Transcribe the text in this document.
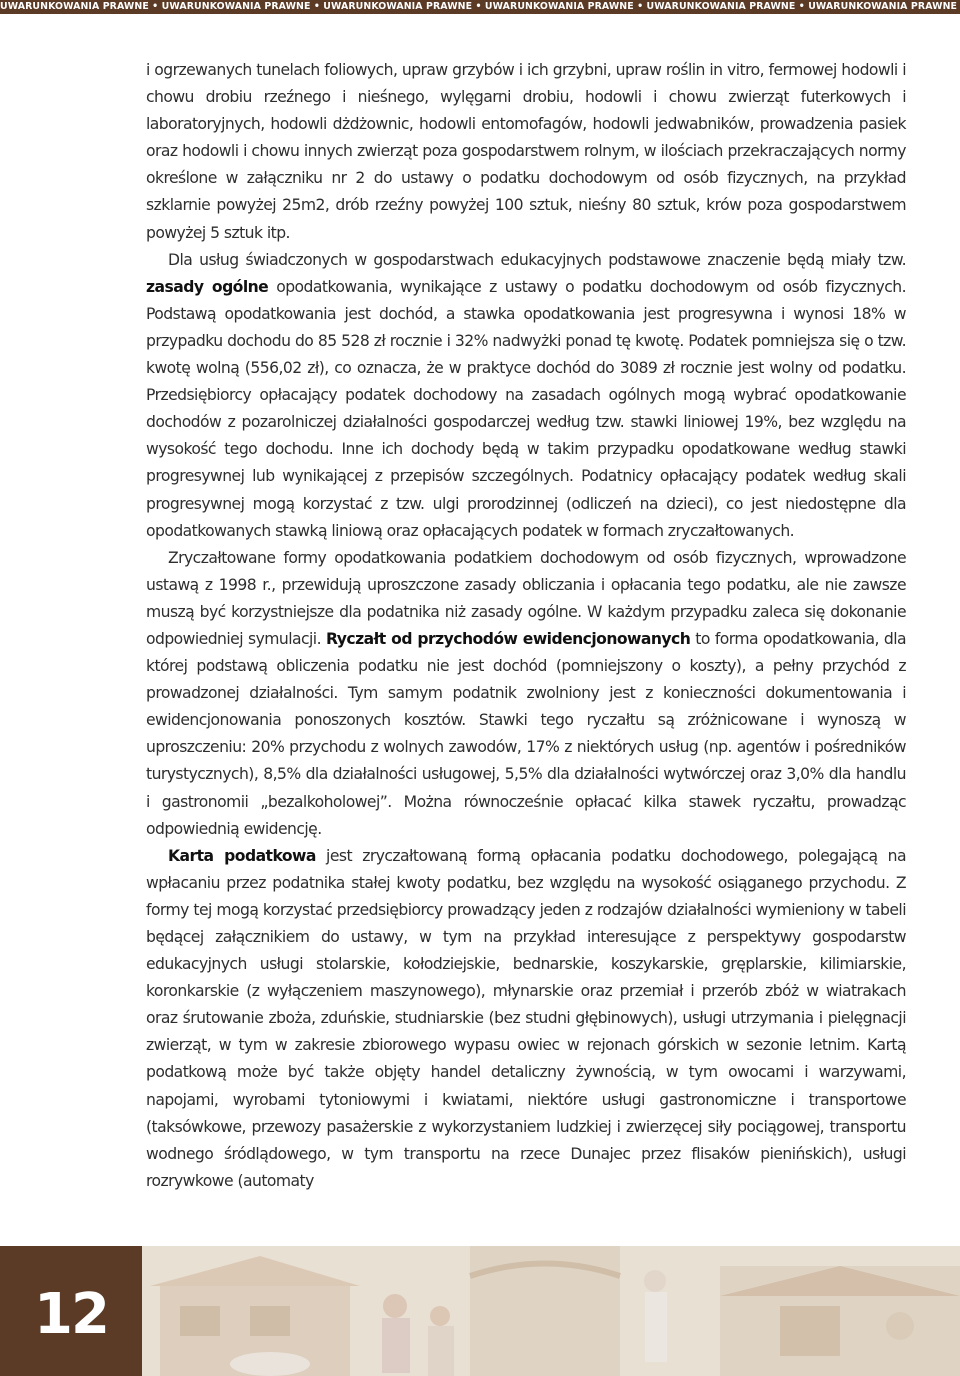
UWARUNKOWANIA PRAWNE • UWARUNKOWANIA PRAWNE • UWARUNKOWANIA PRAWNE • UWARUNKOWANIA PRAWNE • UWARUNKOWANIA PRAWNE • UWARUNKOWANIA PRAWNE

i ogrzewanych tunelach foliowych, upraw grzybów i ich grzybni, upraw roślin in vitro, fermowej hodowli i chowu drobiu rzeźnego i nieśnego, wylęgarni drobiu, hodowli i chowu zwierząt futerkowych i laboratoryjnych, hodowli dżdżownic, hodowli entomofagów, hodowli jedwabników, prowadzenia pasiek oraz hodowli i chowu innych zwierząt poza gospodarstwem rolnym, w ilościach przekraczających normy określone w załączniku nr 2 do ustawy o podatku dochodowym od osób fizycznych, na przykład szklarnie powyżej 25m2, drób rzeźny powyżej 100 sztuk, nieśny 80 sztuk, krów poza gospodarstwem powyżej 5 sztuk itp.

Dla usług świadczonych w gospodarstwach edukacyjnych podstawowe znaczenie będą miały tzw. zasady ogólne opodatkowania, wynikające z ustawy o podatku dochodowym od osób fizycznych. Podstawą opodatkowania jest dochód, a stawka opodatkowania jest progresywna i wynosi 18% w przypadku dochodu do 85 528 zł rocznie i 32% nadwyżki ponad tę kwotę. Podatek pomniejsza się o tzw. kwotę wolną (556,02 zł), co oznacza, że w praktyce dochód do 3089 zł rocznie jest wolny od podatku. Przedsiębiorcy opłacający podatek dochodowy na zasadach ogólnych mogą wybrać opodatkowanie dochodów z pozarolniczej działalności gospodarczej według tzw. stawki liniowej 19%, bez względu na wysokość tego dochodu. Inne ich dochody będą w takim przypadku opodatkowane według stawki progresywnej lub wynikającej z przepisów szczególnych. Podatnicy opłacający podatek według skali progresywnej mogą korzystać z tzw. ulgi prorodzinnej (odliczeń na dzieci), co jest niedostępne dla opodatkowanych stawką liniową oraz opłacających podatek w formach zryczałtowanych.

Zryczałtowane formy opodatkowania podatkiem dochodowym od osób fizycznych, wprowadzone ustawą z 1998 r., przewidują uproszczone zasady obliczania i opłacania tego podatku, ale nie zawsze muszą być korzystniejsze dla podatnika niż zasady ogólne. W każdym przypadku zaleca się dokonanie odpowiedniej symulacji. Ryczałt od przychodów ewidencjonowanych to forma opodatkowania, dla której podstawą obliczenia podatku nie jest dochód (pomniejszony o koszty), a pełny przychód z prowadzonej działalności. Tym samym podatnik zwolniony jest z konieczności dokumentowania i ewidencjonowania ponoszonych kosztów. Stawki tego ryczałtu są zróżnicowane i wynoszą w uproszczeniu: 20% przychodu z wolnych zawodów, 17% z niektórych usług (np. agentów i pośredników turystycznych), 8,5% dla działalności usługowej, 5,5% dla działalności wytwórczej oraz 3,0% dla handlu i gastronomii „bezalkoholowej”. Można równocześnie opłacać kilka stawek ryczałtu, prowadząc odpowiednią ewidencję.

Karta podatkowa jest zryczałtowaną formą opłacania podatku dochodowego, polegającą na wpłacaniu przez podatnika stałej kwoty podatku, bez względu na wysokość osiąganego przychodu. Z formy tej mogą korzystać przedsiębiorcy prowadzący jeden z rodzajów działalności wymieniony w tabeli będącej załącznikiem do ustawy, w tym na przykład interesujące z perspektywy gospodarstw edukacyjnych usługi stolarskie, kołodziejskie, bednarskie, koszykarskie, gręplarskie, kilimiarskie, koronkarskie (z wyłączeniem maszynowego), młynarskie oraz przemiał i przerób zbóż w wiatrakach oraz śrutowanie zboża, zduńskie, studniarskie (bez studni głębinowych), usługi utrzymania i pielęgnacji zwierząt, w tym w zakresie zbiorowego wypasu owiec w rejonach górskich w sezonie letnim. Kartą podatkową może być także objęty handel detaliczny żywnością, w tym owocami i warzywami, napojami, wyrobami tytoniowymi i kwiatami, niektóre usługi gastronomiczne i transportowe (taksówkowe, przewozy pasażerskie z wykorzystaniem ludzkiej i zwierzęcej siły pociągowej, transportu wodnego śródlądowego, w tym transportu na rzece Dunajec przez flisaków pienińskich), usługi rozrywkowe (automaty

12
